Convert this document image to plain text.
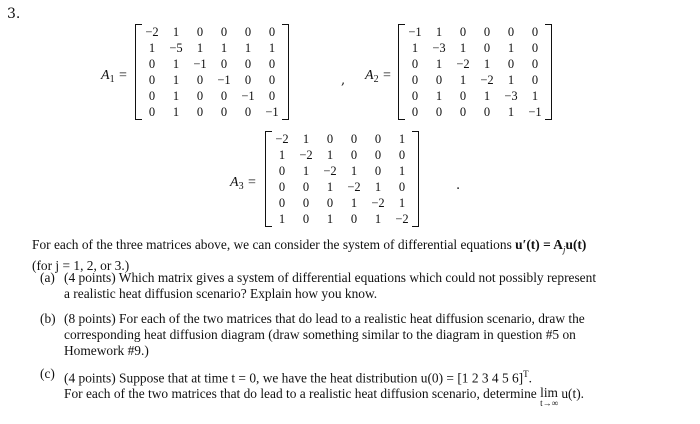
3.
$A_1$ =
−2	1	0	0	0	0
1	−5	1	1	1	1
0	1	−1	0	0	0
0	1	0	−1	0	0
0	1	0	0	−1	0
0	1	0	0	0	−1
, $A_2$ =
−1	1	0	0	0	0
1	−3	1	0	1	0
0	1	−2	1	0	0
0	0	1	−2	1	0
0	1	0	1	−3	1
0	0	0	0	1	−1
$A_3$ =
−2	1	0	0	0	1
1	−2	1	0	0	0
0	1	−2	1	0	1
0	0	1	−2	1	0
0	0	0	1	−2	1
1	0	1	0	1	−2
.
For each of the three matrices above, we can consider the system of differential equations $u'(t) = A_ju(t)$
(for j = 1, 2, or 3.)
(a) (4 points) Which matrix gives a system of differential equations which could not possibly represent
a realistic heat diffusion scenario? Explain how you know.
(b) (8 points) For each of the two matrices that do lead to a realistic heat diffusion scenario, draw the
corresponding heat diffusion diagram (draw something similar to the diagram in question #5 on
Homework #9.)
(c) (4 points) Suppose that at time t = 0, we have the heat distribution u(0) = [1 2 3 4 5 6]$^T$.
For each of the two matrices that do lead to a realistic heat diffusion scenario, determine lim
t→∞
u(t).
